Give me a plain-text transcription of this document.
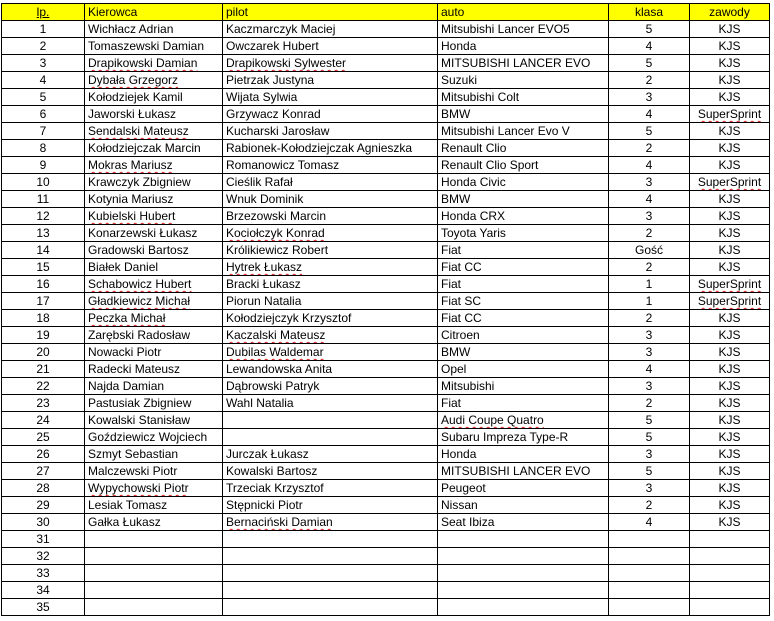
lp.	Kierowca	pilot	auto	klasa	zawody
1	Wichłacz Adrian	Kaczmarczyk Maciej	Mitsubishi Lancer EVO5	5	KJS
2	Tomaszewski Damian	Owczarek Hubert	Honda	4	KJS
3	Drapikowski Damian	Drapikowski Sylwester	MITSUBISHI LANCER EVO	5	KJS
4	Dybała Grzegorz	Pietrzak Justyna	Suzuki	2	KJS
5	Kołodziejek Kamil	Wijata Sylwia	Mitsubishi Colt	3	KJS
6	Jaworski Łukasz	Grzywacz Konrad	BMW	4	SuperSprint
7	Sendalski Mateusz	Kucharski Jarosław	Mitsubishi Lancer Evo V	5	KJS
8	Kołodziejczak Marcin	Rabionek-Kołodziejczak Agnieszka	Renault Clio	2	KJS
9	Mokras Mariusz	Romanowicz Tomasz	Renault Clio Sport	4	KJS
10	Krawczyk Zbigniew	Cieślik Rafał	Honda Civic	3	SuperSprint
11	Kotynia Mariusz	Wnuk Dominik	BMW	4	KJS
12	Kubielski Hubert	Brzezowski Marcin	Honda CRX	3	KJS
13	Konarzewski Łukasz	Kociołczyk Konrad	Toyota Yaris	2	KJS
14	Gradowski Bartosz	Królikiewicz Robert	Fiat	Gość	KJS
15	Białek Daniel	Hytrek Łukasz	Fiat CC	2	KJS
16	Schabowicz Hubert	Bracki Łukasz	Fiat	1	SuperSprint
17	Gładkiewicz Michał	Piorun Natalia	Fiat SC	1	SuperSprint
18	Peczka Michał	Kołodziejczyk Krzysztof	Fiat CC	2	KJS
19	Zarębski Radosław	Kaczalski Mateusz	Citroen	3	KJS
20	Nowacki Piotr	Dubilas Waldemar	BMW	3	KJS
21	Radecki Mateusz	Lewandowska Anita	Opel	4	KJS
22	Najda Damian	Dąbrowski Patryk	Mitsubishi	3	KJS
23	Pastusiak Zbigniew	Wahl Natalia	Fiat	2	KJS
24	Kowalski Stanisław		Audi Coupe Quatro	5	KJS
25	Goździewicz Wojciech		Subaru Impreza Type-R	5	KJS
26	Szmyt Sebastian	Jurczak Łukasz	Honda	3	KJS
27	Malczewski Piotr	Kowalski Bartosz	MITSUBISHI LANCER EVO	5	KJS
28	Wypychowski Piotr	Trzeciak Krzysztof	Peugeot	3	KJS
29	Lesiak Tomasz	Stępnicki Piotr	Nissan	2	KJS
30	Gałka Łukasz	Bernaciński Damian	Seat Ibiza	4	KJS
31					
32					
33					
34					
35					
